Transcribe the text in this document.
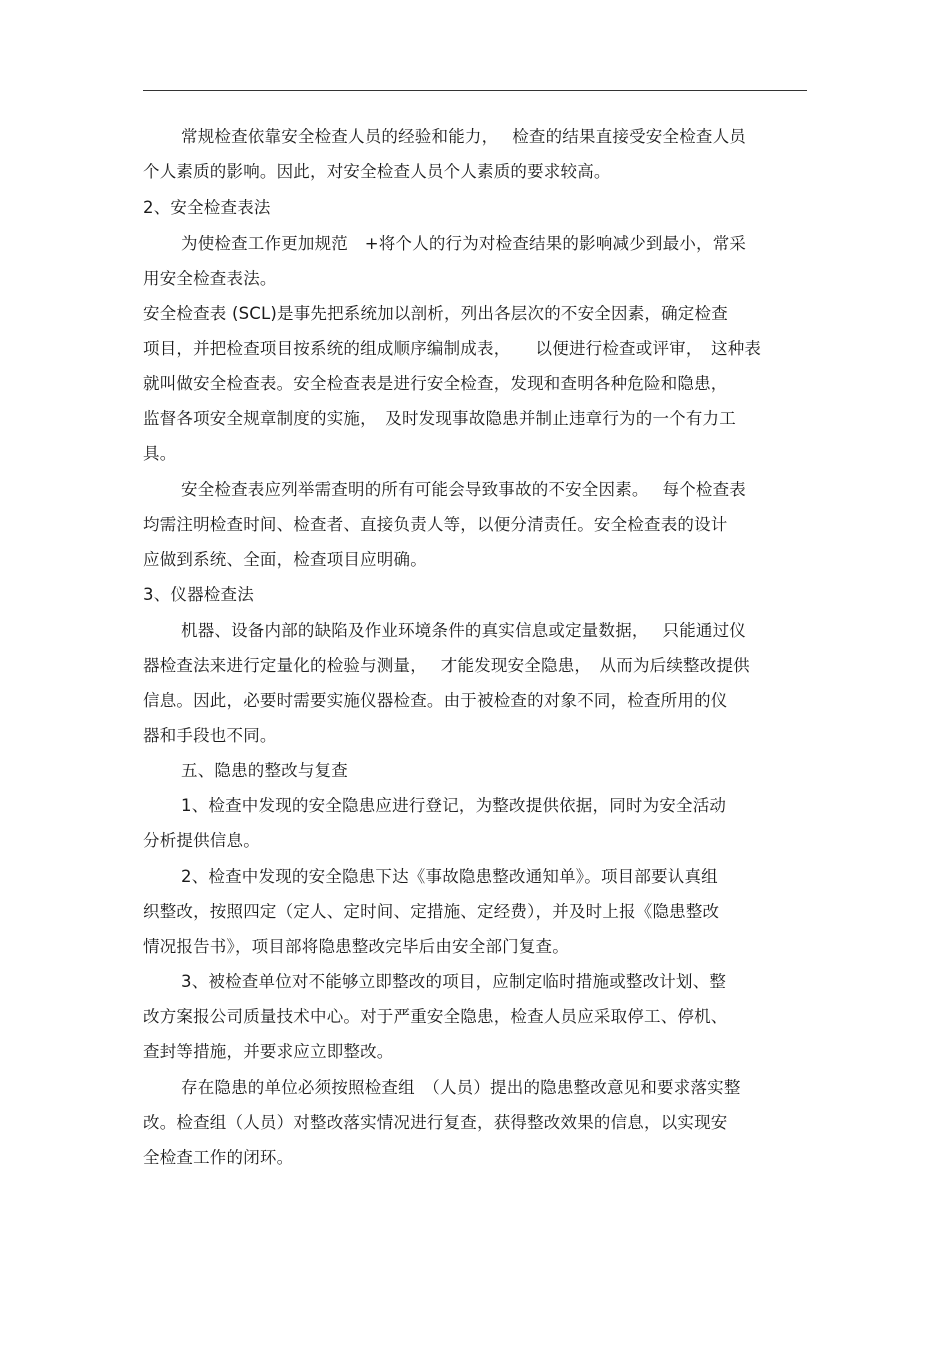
常规检查依靠安全检查人员的经验和能力，　 检查的结果直接受安全检查人员
个人素质的影响。因此，对安全检查人员个人素质的要求较高。
2、安全检查表法
为使检查工作更加规范　+将个人的行为对检查结果的影响减少到最小，常采
用安全检查表法。
安全检查表 (SCL)是事先把系统加以剖析，列出各层次的不安全因素，确定检查
项目，并把检查项目按系统的组成顺序编制成表，　　以便进行检查或评审，　这种表
就叫做安全检查表。安全检查表是进行安全检查，发现和查明各种危险和隐患，
监督各项安全规章制度的实施，　及时发现事故隐患并制止违章行为的一个有力工
具。
安全检查表应列举需查明的所有可能会导致事故的不安全因素。　 每个检查表
均需注明检查时间、检查者、直接负责人等，以便分清责任。安全检查表的设计
应做到系统、全面，检查项目应明确。
3、仪器检查法
机器、设备内部的缺陷及作业环境条件的真实信息或定量数据，　 只能通过仪
器检查法来进行定量化的检验与测量，　 才能发现安全隐患，　从而为后续整改提供
信息。因此，必要时需要实施仪器检查。由于被检查的对象不同，检查所用的仪
器和手段也不同。
五、隐患的整改与复查
1、检查中发现的安全隐患应进行登记，为整改提供依据，同时为安全活动
分析提供信息。
2、检查中发现的安全隐患下达《事故隐患整改通知单》。项目部要认真组
织整改，按照四定（定人、定时间、定措施、定经费），并及时上报《隐患整改
情况报告书》，项目部将隐患整改完毕后由安全部门复查。
3、被检查单位对不能够立即整改的项目，应制定临时措施或整改计划、整
改方案报公司质量技术中心。对于严重安全隐患，检查人员应采取停工、停机、
查封等措施，并要求应立即整改。
存在隐患的单位必须按照检查组　（人员）提出的隐患整改意见和要求落实整
改。检查组（人员）对整改落实情况进行复查，获得整改效果的信息，以实现安
全检查工作的闭环。
